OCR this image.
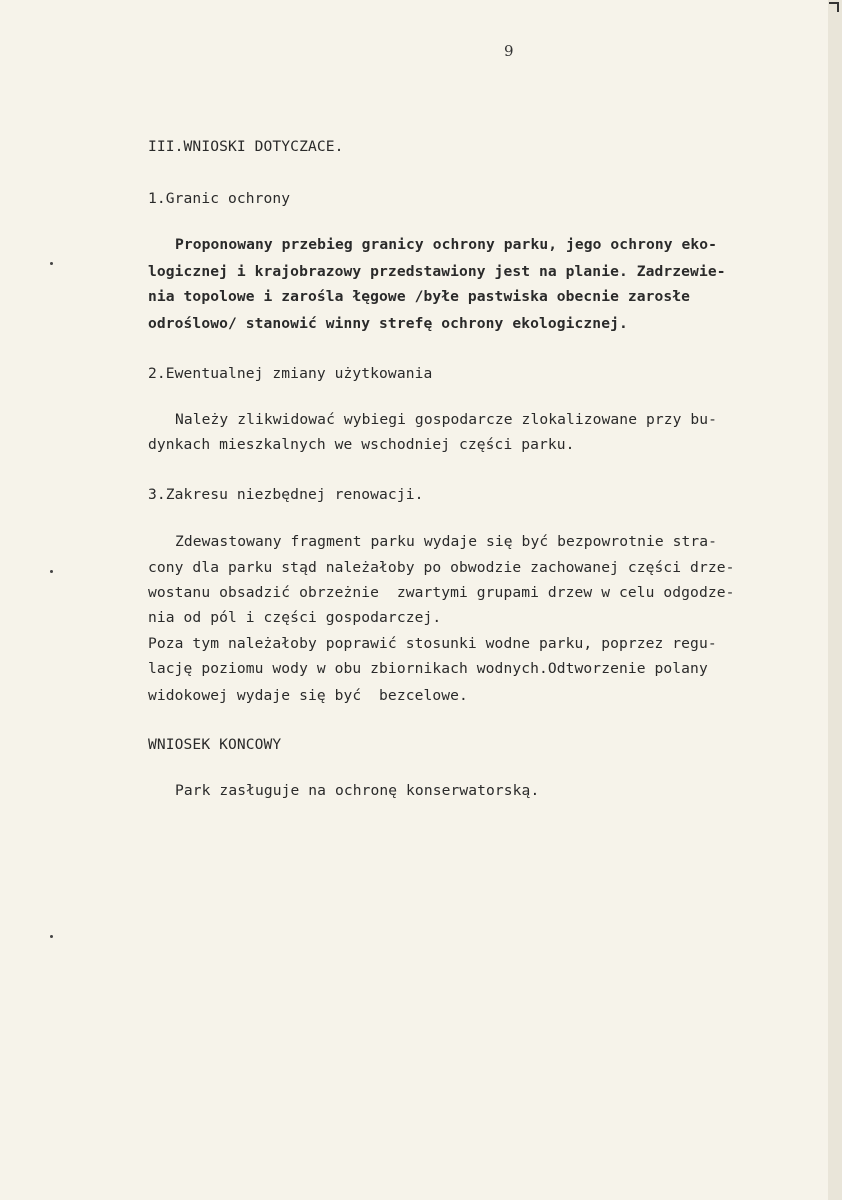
9
III.WNIOSKI DOTYCZACE.
1.Granic ochrony
Proponowany przebieg granicy ochrony parku, jego ochrony eko-
logicznej i krajobrazowy przedstawiony jest na planie. Zadrzewie-
nia topolowe i zarośla łęgowe /byłe pastwiska obecnie zarosłe
odroślowo/ stanowić winny strefę ochrony ekologicznej.
2.Ewentualnej zmiany użytkowania
Należy zlikwidować wybiegi gospodarcze zlokalizowane przy bu-
dynkach mieszkalnych we wschodniej części parku.
3.Zakresu niezbędnej renowacji.
Zdewastowany fragment parku wydaje się być bezpowrotnie stra-
cony dla parku stąd należałoby po obwodzie zachowanej części drze-
wostanu obsadzić obrzeżnie  zwartymi grupami drzew w celu odgodze-
nia od pól i części gospodarczej.
Poza tym należałoby poprawić stosunki wodne parku, poprzez regu-
lację poziomu wody w obu zbiornikach wodnych.Odtworzenie polany
widokowej wydaje się być  bezcelowe.
WNIOSEK KONCOWY
Park zasługuje na ochronę konserwatorską.
